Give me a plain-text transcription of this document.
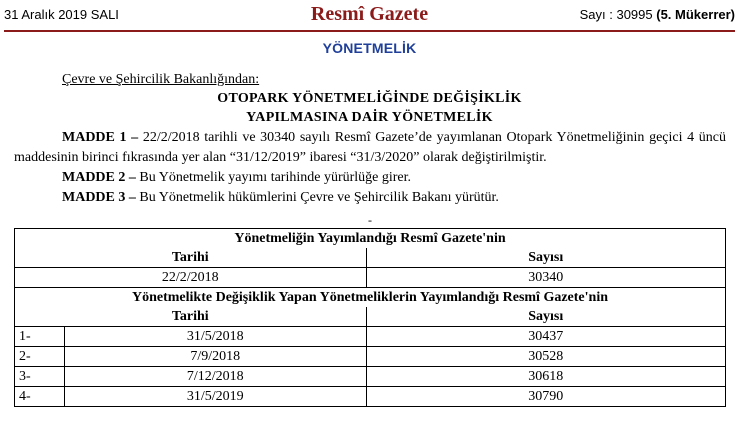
31 Aralık 2019 SALI	Resmî Gazete	Sayı : 30995 (5. Mükerrer)
YÖNETMELİK
Çevre ve Şehircilik Bakanlığından:
OTOPARK YÖNETMELİĞİNDE DEĞİŞİKLİK
YAPILMASINA DAİR YÖNETMELİK
MADDE 1 – 22/2/2018 tarihli ve 30340 sayılı Resmî Gazete’de yayımlanan Otopark Yönetmeliğinin geçici 4 üncü maddesinin birinci fıkrasında yer alan “31/12/2019” ibaresi “31/3/2020” olarak değiştirilmiştir.
MADDE 2 – Bu Yönetmelik yayımı tarihinde yürürlüğe girer.
MADDE 3 – Bu Yönetmelik hükümlerini Çevre ve Şehircilik Bakanı yürütür.
-
Yönetmeliğin Yayımlandığı Resmî Gazete'nin		
Tarihi		Sayısı
22/2/2018		30340
Yönetmelikte Değişiklik Yapan Yönetmeliklerin Yayımlandığı Resmî Gazete'nin		
Tarihi		Sayısı
1-	31/5/2018	30437
2-	7/9/2018	30528
3-	7/12/2018	30618
4-	31/5/2019	30790
